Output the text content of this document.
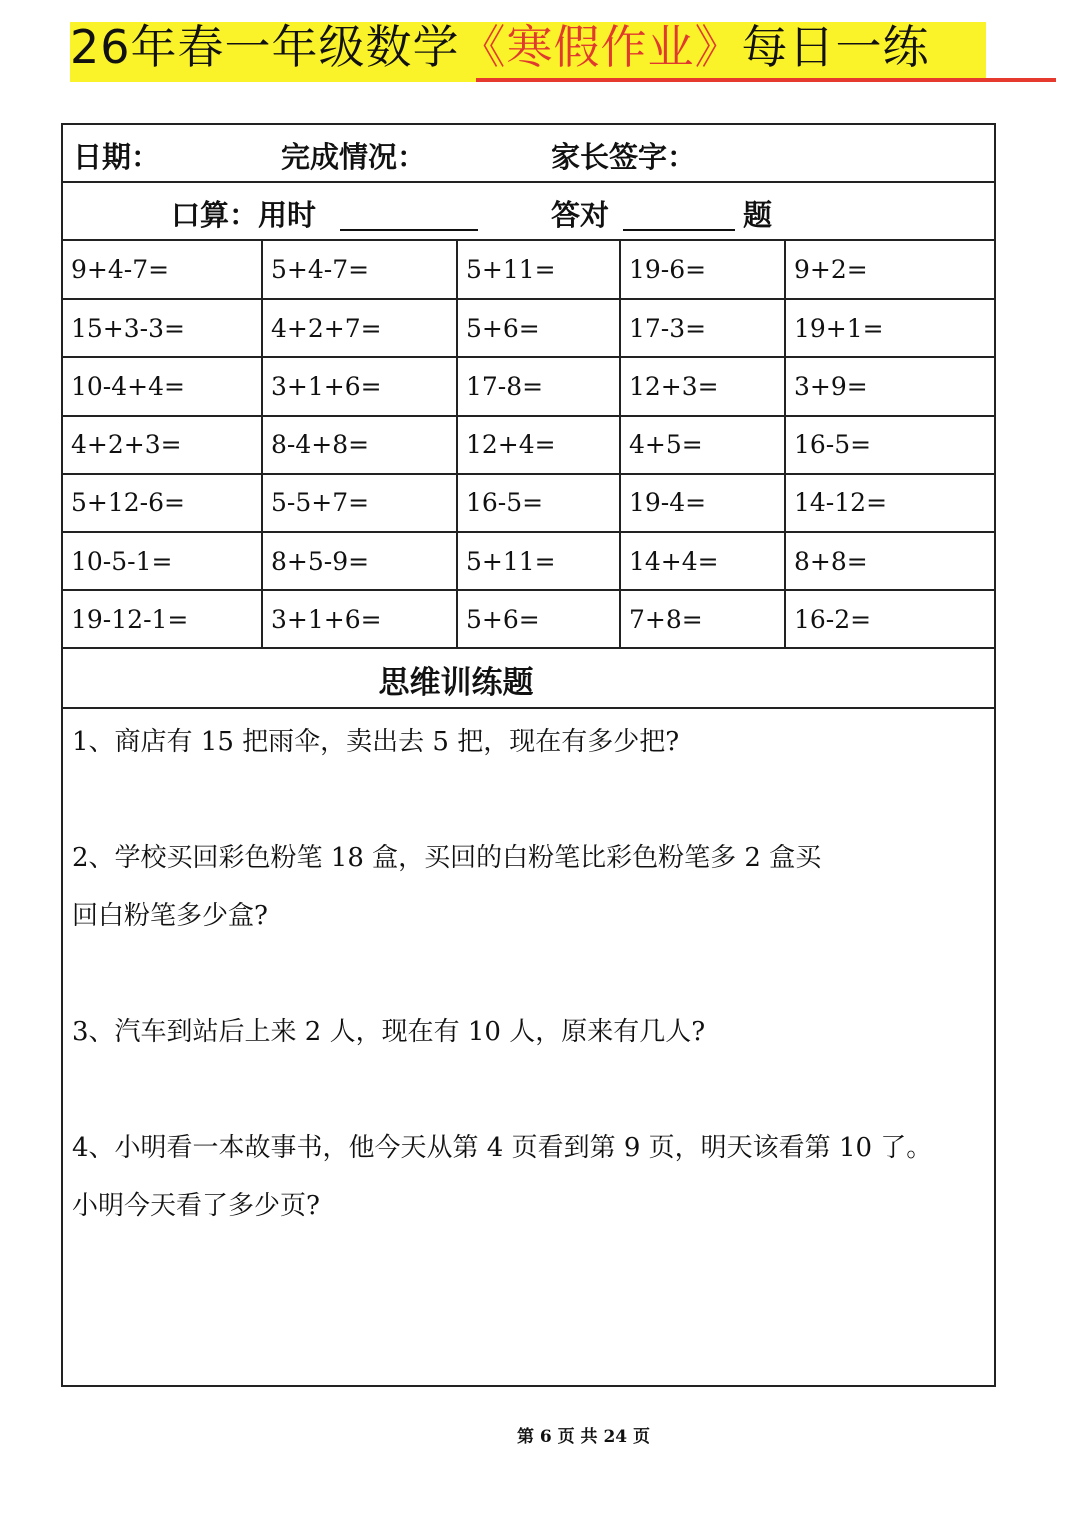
26年春一年级数学《寒假作业》每日一练
日期：	完成情况：	家长签字：
口算：用时	答对	题
9+4-7=	5+4-7=	5+11=	19-6=	9+2=
15+3-3=	4+2+7=	5+6=	17-3=	19+1=
10-4+4=	3+1+6=	17-8=	12+3=	3+9=
4+2+3=	8-4+8=	12+4=	4+5=	16-5=
5+12-6=	5-5+7=	16-5=	19-4=	14-12=
10-5-1=	8+5-9=	5+11=	14+4=	8+8=
19-12-1=	3+1+6=	5+6=	7+8=	16-2=
思维训练题
1、商店有 15 把雨伞，卖出去 5 把，现在有多少把?
2、学校买回彩色粉笔 18 盒，买回的白粉笔比彩色粉笔多 2 盒买
回白粉笔多少盒?
3、汽车到站后上来 2 人，现在有 10 人，原来有几人?
4、小明看一本故事书，他今天从第 4 页看到第 9 页，明天该看第 10 了。
小明今天看了多少页?
第 6 页 共 24 页
